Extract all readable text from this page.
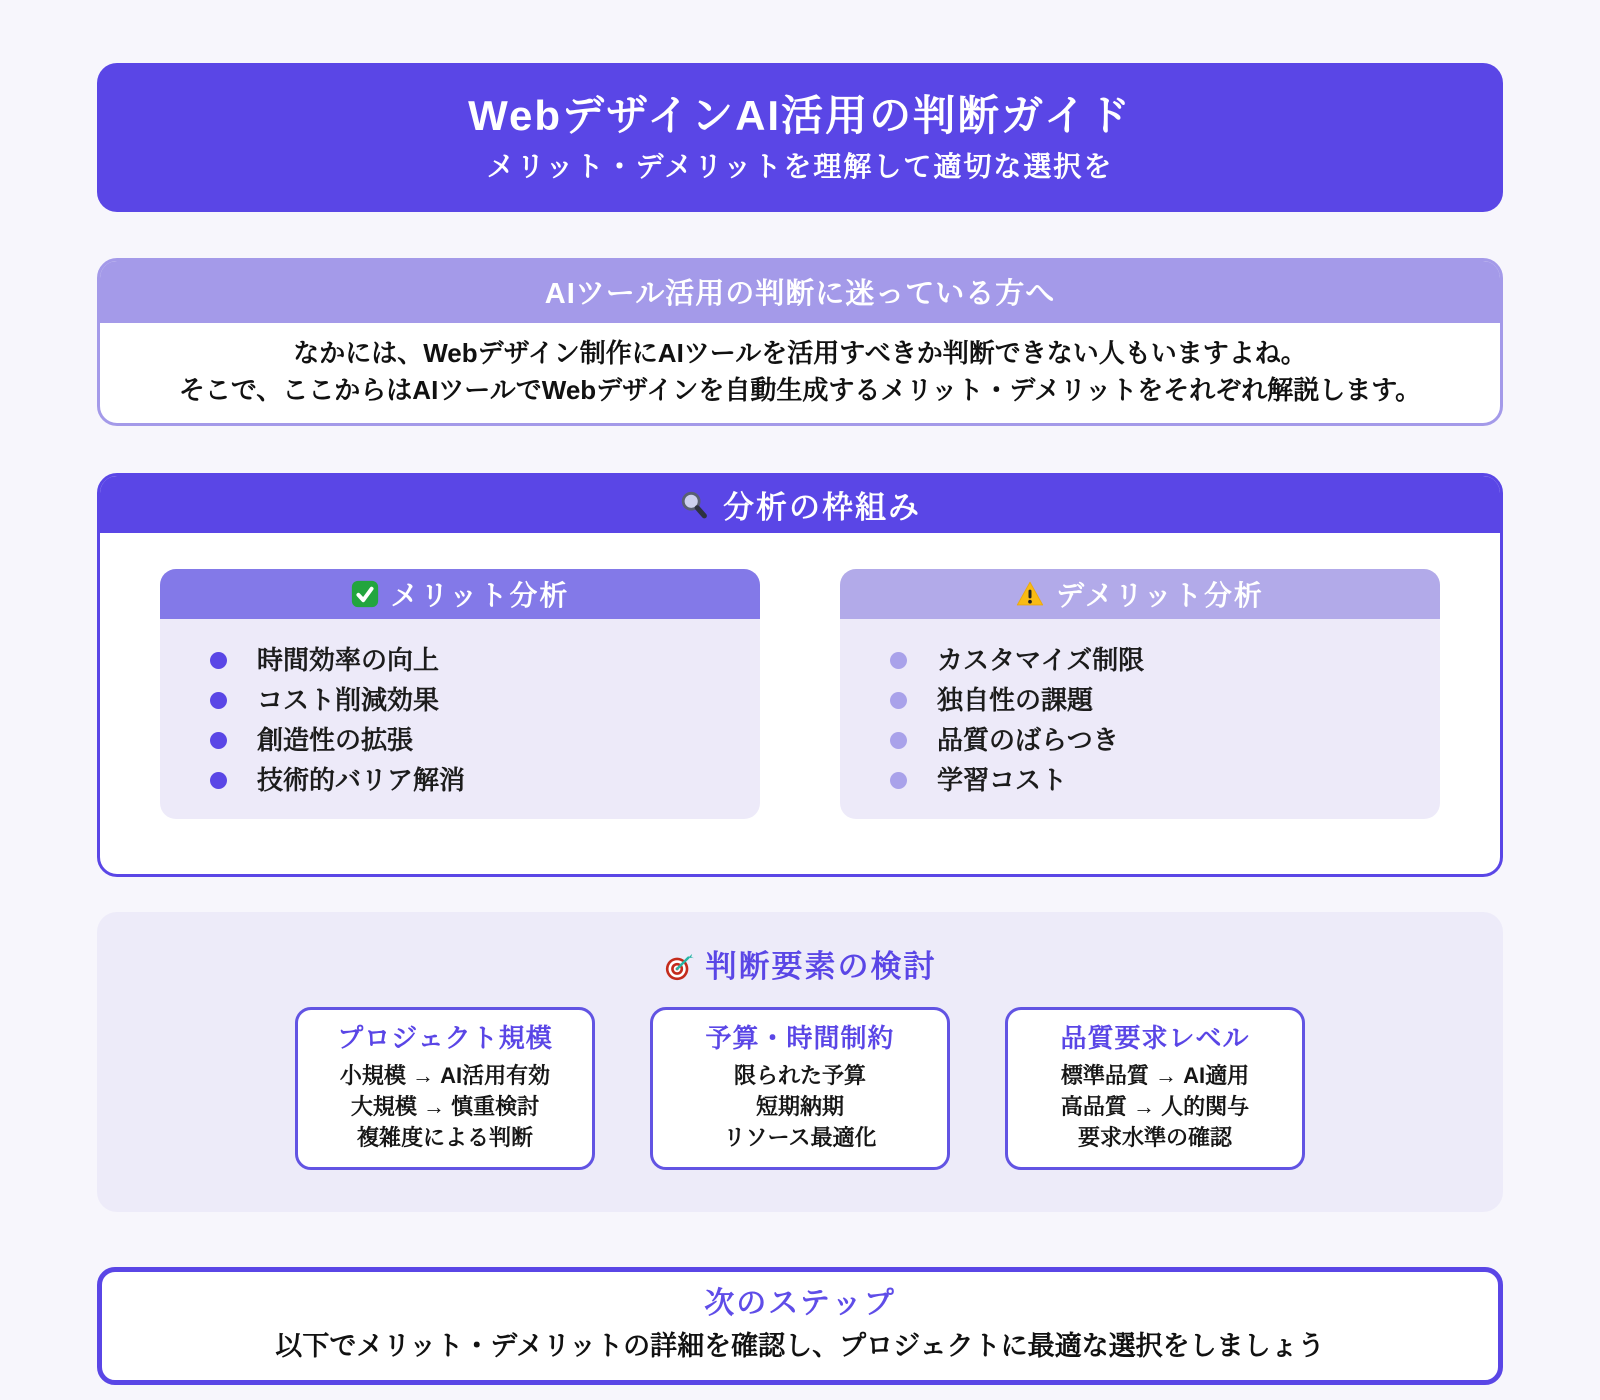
WebデザインAI活用の判断ガイド

メリット・デメリットを理解して適切な選択を

AIツール活用の判断に迷っている方へ

なかには、Webデザイン制作にAIツールを活用すべきか判断できない人もいますよね。

そこで、ここからはAIツールでWebデザインを自動生成するメリット・デメリットをそれぞれ解説します。

分析の枠組み
メリット分析
時間効率の向上
コスト削減効果
創造性の拡張
技術的バリア解消
デメリット分析
カスタマイズ制限
独自性の課題
品質のばらつき
学習コスト
判断要素の検討
プロジェクト規模
小規模 → AI活用有効
大規模 → 慎重検討
複雑度による判断
予算・時間制約
限られた予算
短期納期
リソース最適化
品質要求レベル
標準品質 → AI適用
高品質 → 人的関与
要求水準の確認
次のステップ
以下でメリット・デメリットの詳細を確認し、プロジェクトに最適な選択をしましょう
